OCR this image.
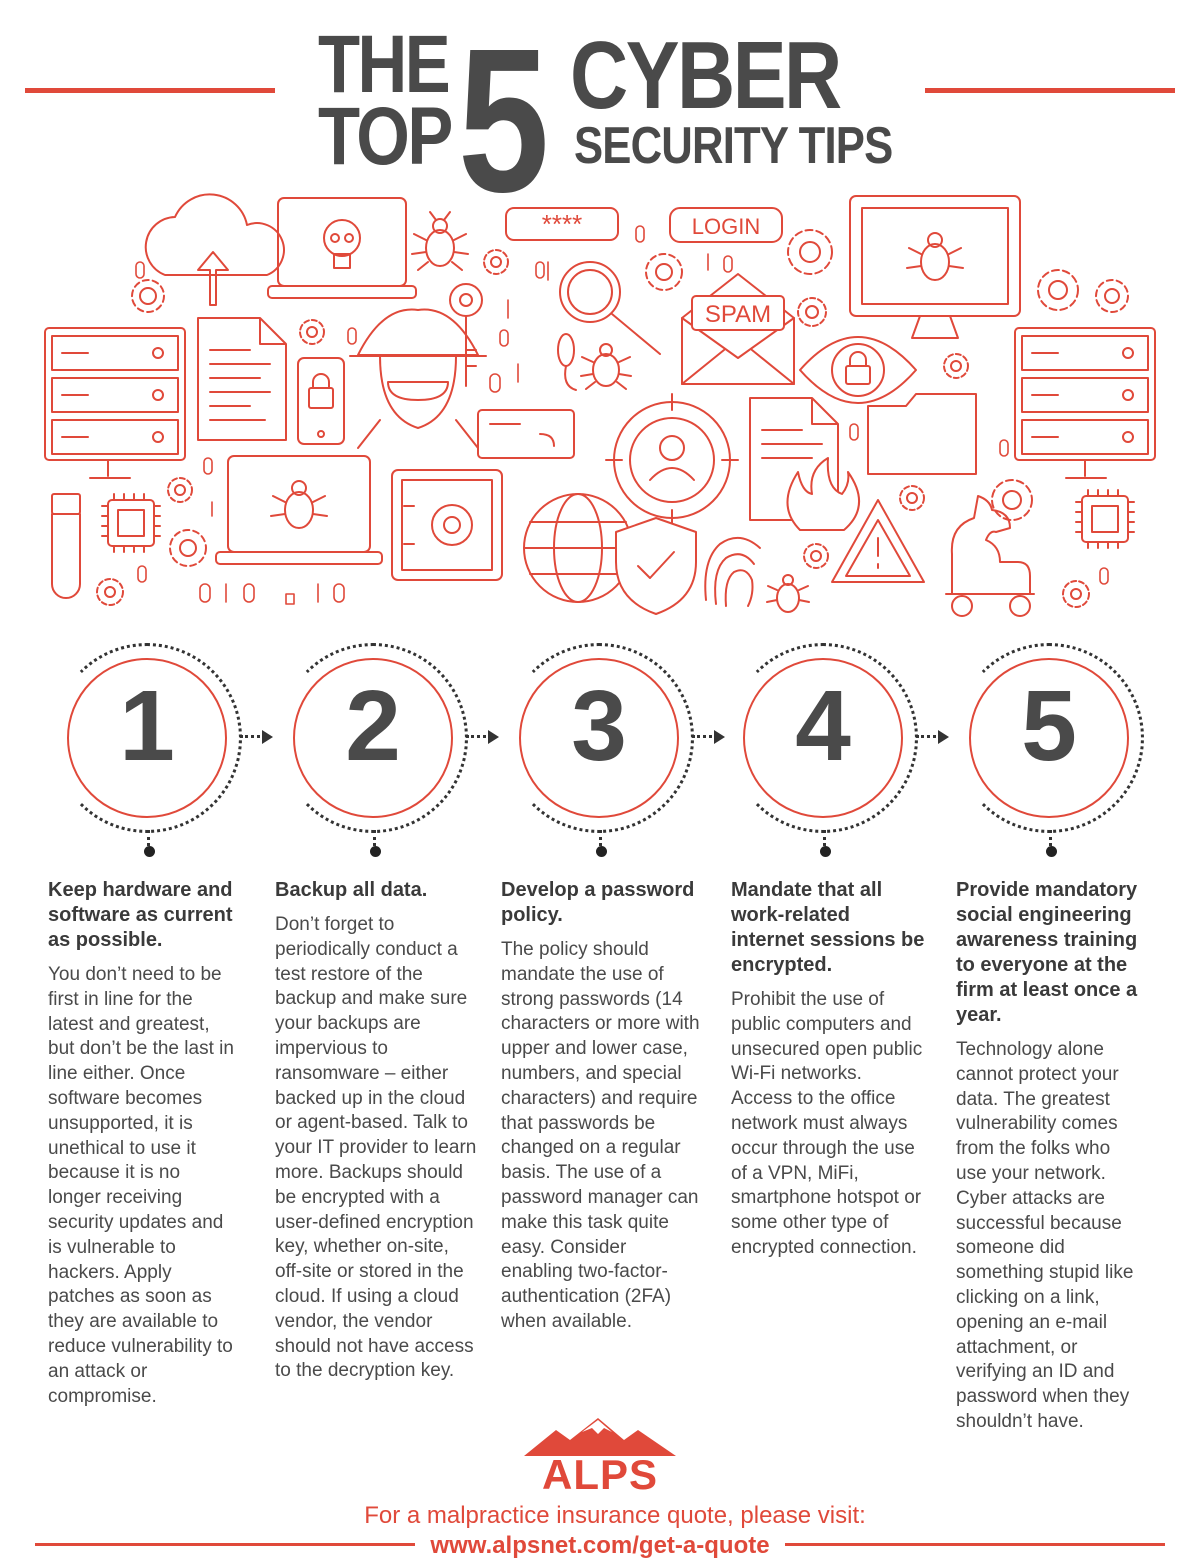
THE
TOP 5 CYBER
SECURITY TIPS
****	LOGIN
SPAM
1	2	3	4	5
Keep hardware and software as current as possible.

You don’t need to be first in line for the latest and greatest, but don’t be the last in line either. Once software becomes unsupported, it is unethical to use it because it is no longer receiving security updates and is vulnerable to hackers. Apply patches as soon as they are available to reduce vulnerability to an attack or compromise.

Backup all data.

Don’t forget to periodically conduct a test restore of the backup and make sure your backups are impervious to ransomware – either backed up in the cloud or agent-based. Talk to your IT provider to learn more. Backups should be encrypted with a user-defined encryption key, whether on-site, off-site or stored in the cloud. If using a cloud vendor, the vendor should not have access to the decryption key.

Develop a password policy.

The policy should mandate the use of strong passwords (14 characters or more with upper and lower case, numbers, and special characters) and require that passwords be changed on a regular basis. The use of a password manager can make this task quite easy. Consider enabling two-factor-authentication (2FA) when available.

Mandate that all work-related internet sessions be encrypted.

Prohibit the use of public computers and unsecured open public Wi-Fi networks. Access to the office network must always occur through the use of a VPN, MiFi, smartphone hotspot or some other type of encrypted connection.

Provide mandatory social engineering awareness training to everyone at the firm at least once a year.

Technology alone cannot protect your data. The greatest vulnerability comes from the folks who use your network. Cyber attacks are successful because someone did something stupid like clicking on a link, opening an e-mail attachment, or verifying an ID and password when they shouldn’t have.

ALPS
For a malpractice insurance quote, please visit:
www.alpsnet.com/get-a-quote
